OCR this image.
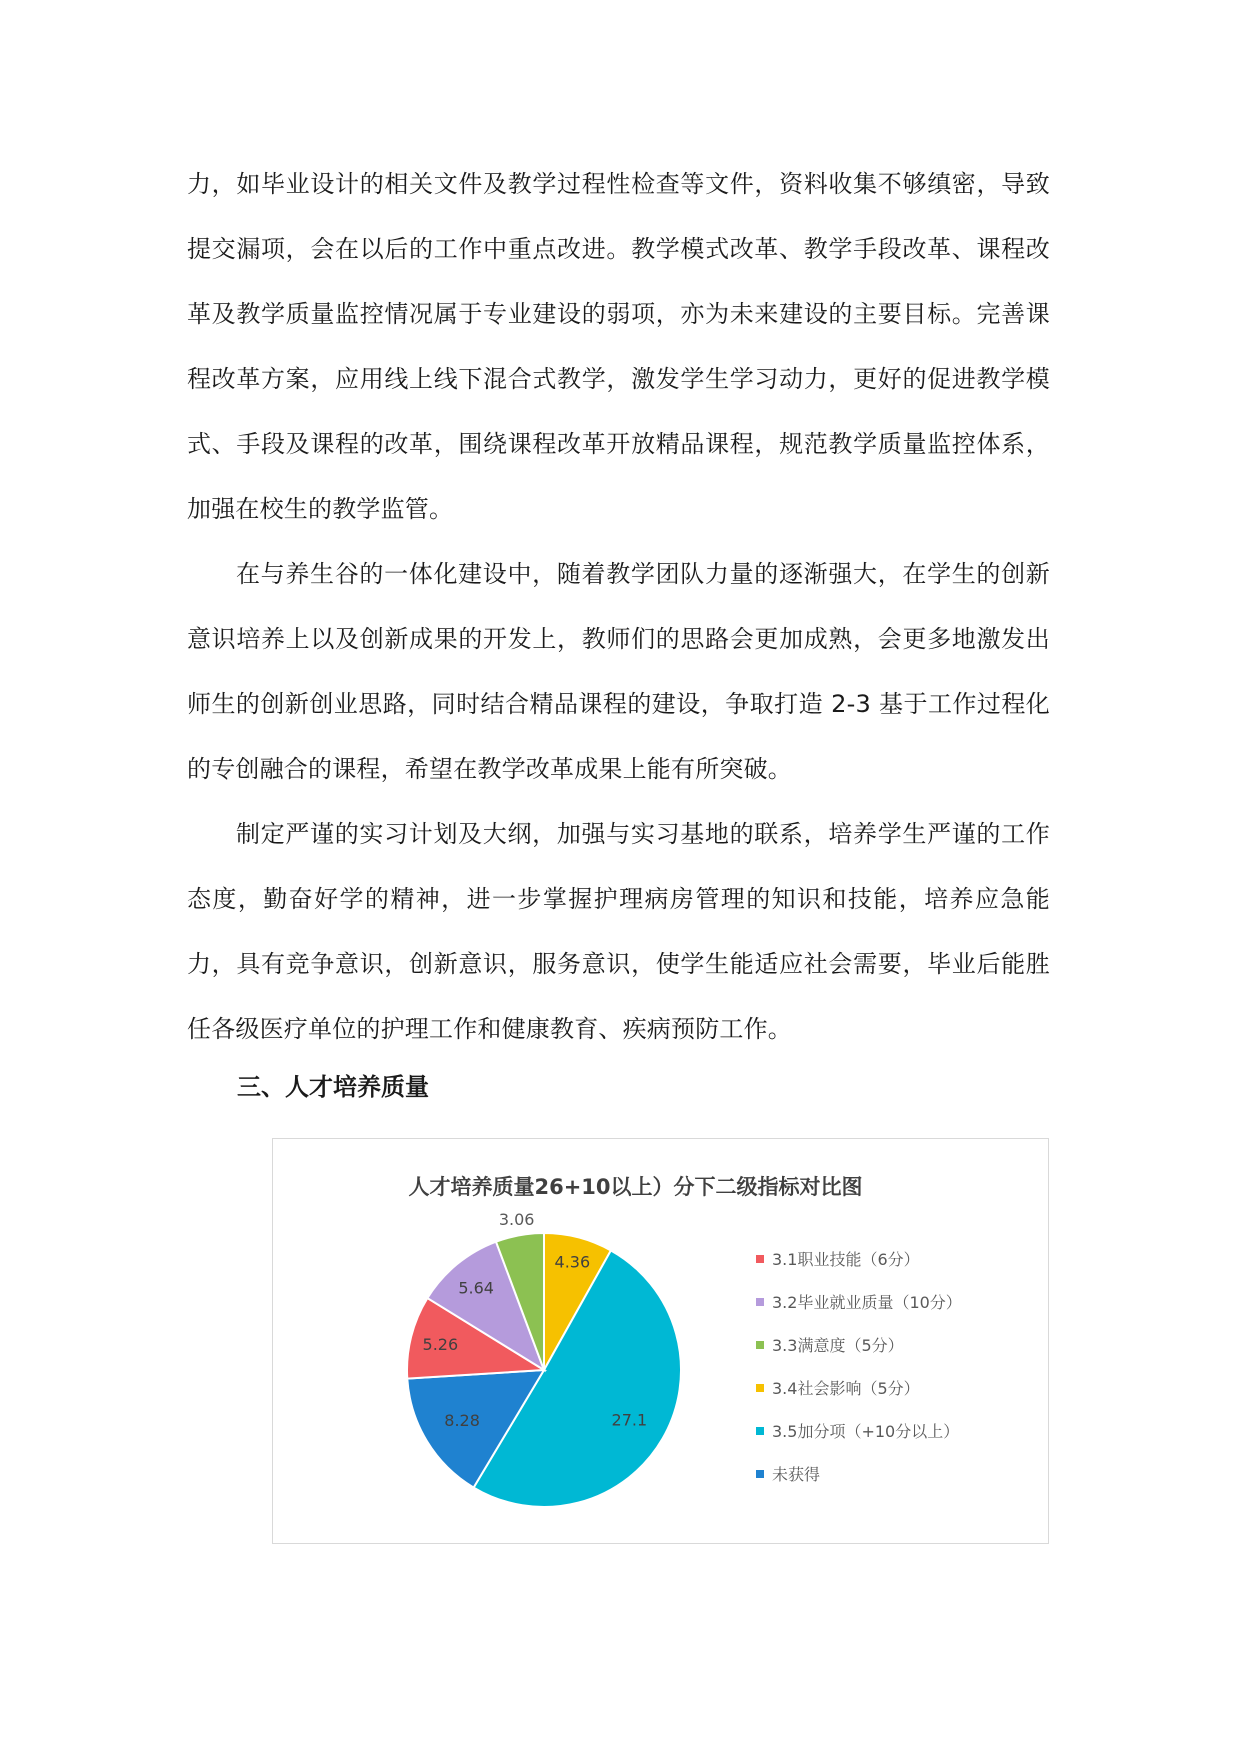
力，如毕业设计的相关文件及教学过程性检查等文件，资料收集不够缜密，导致提交漏项，会在以后的工作中重点改进。教学模式改革、教学手段改革、课程改革及教学质量监控情况属于专业建设的弱项，亦为未来建设的主要目标。完善课程改革方案，应用线上线下混合式教学，激发学生学习动力，更好的促进教学模式、手段及课程的改革，围绕课程改革开放精品课程，规范教学质量监控体系，加强在校生的教学监管。

在与养生谷的一体化建设中，随着教学团队力量的逐渐强大，在学生的创新意识培养上以及创新成果的开发上，教师们的思路会更加成熟，会更多地激发出师生的创新创业思路，同时结合精品课程的建设，争取打造 2-3 基于工作过程化的专创融合的课程，希望在教学改革成果上能有所突破。

制定严谨的实习计划及大纲，加强与实习基地的联系，培养学生严谨的工作态度，勤奋好学的精神，进一步掌握护理病房管理的知识和技能，培养应急能力，具有竞争意识，创新意识，服务意识，使学生能适应社会需要，毕业后能胜任各级医疗单位的护理工作和健康教育、疾病预防工作。

三、人才培养质量
人才培养质量26+10以上）分下二级指标对比图
4.36
27.1
8.28
5.26
5.64
3.06
3.1职业技能（6分）
3.2毕业就业质量（10分）
3.3满意度（5分）
3.4社会影响（5分）
3.5加分项（+10分以上）
未获得
